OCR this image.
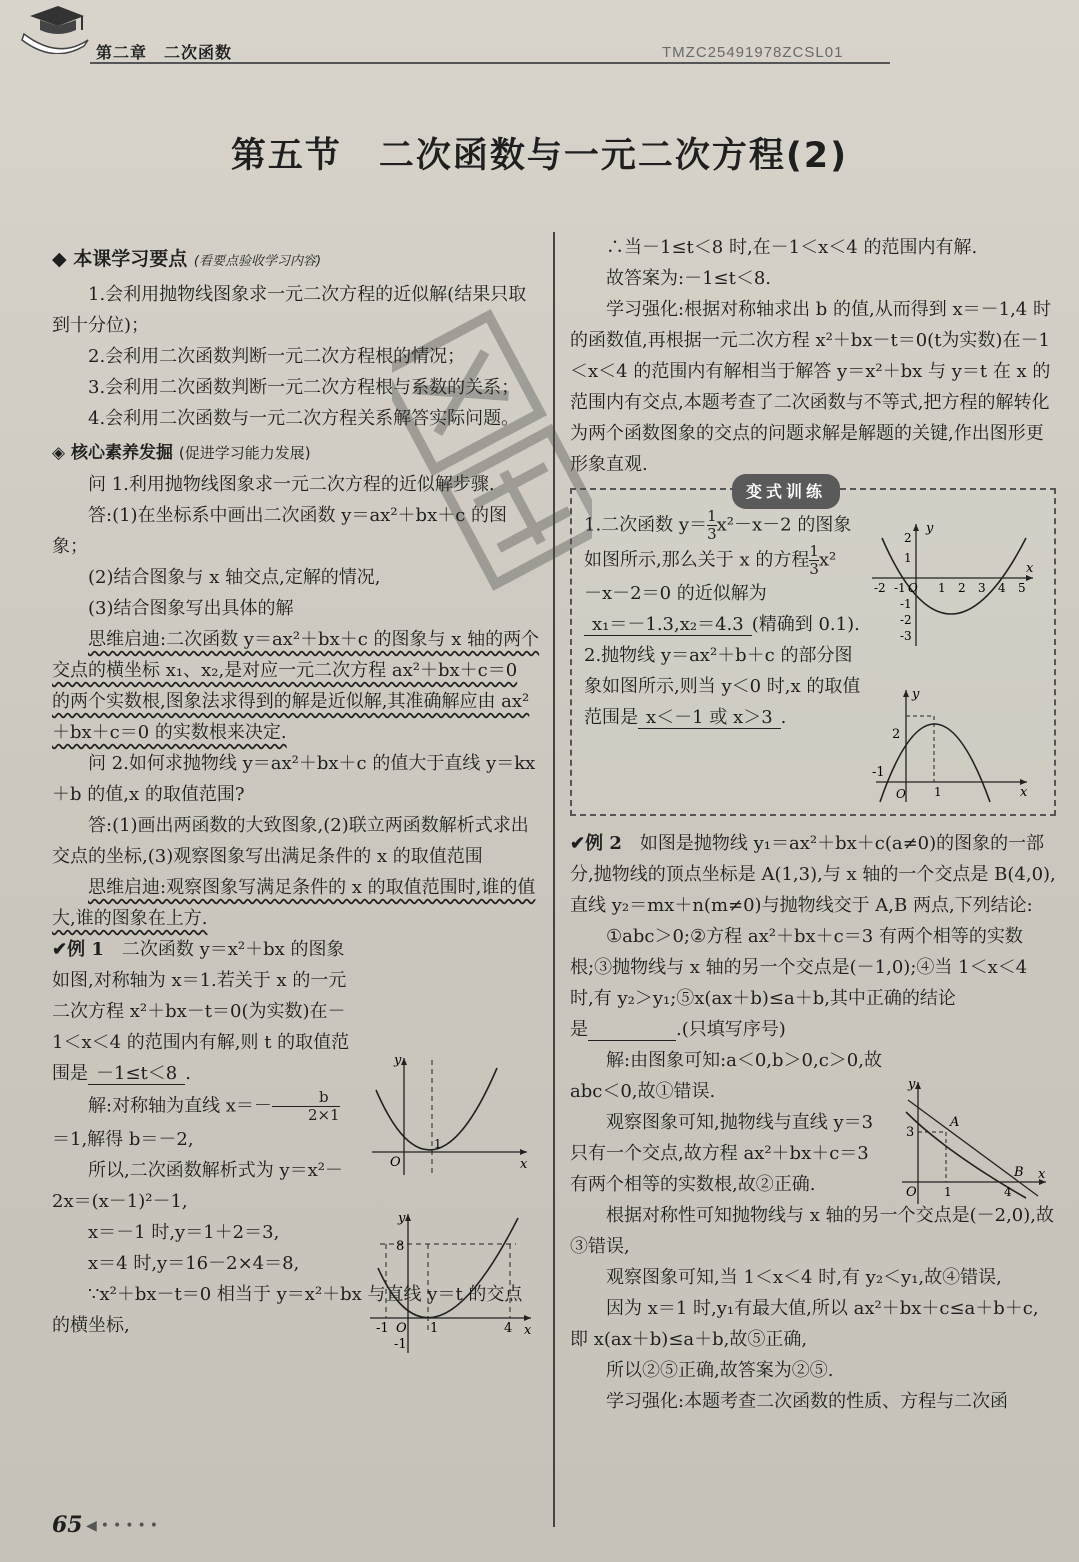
第二章　二次函数	TMZC25491978ZCSL01
第五节　二次函数与一元二次方程(2)
◆ 本课学习要点 (看要点验收学习内容)

1.会利用抛物线图象求一元二次方程的近似解(结果只取到十分位)；

2.会利用二次函数判断一元二次方程根的情况；

3.会利用二次函数判断一元二次方程根与系数的关系；

4.会利用二次函数与一元二次方程关系解答实际问题。

◈ 核心素养发掘 (促进学习能力发展)

问 1.利用抛物线图象求一元二次方程的近似解步骤.

答:(1)在坐标系中画出二次函数 y＝ax²＋bx＋c 的图象；

(2)结合图象与 x 轴交点,定解的情况,

(3)结合图象写出具体的解

思维启迪:二次函数 y＝ax²＋bx＋c 的图象与 x 轴的两个交点的横坐标 x₁、x₂,是对应一元二次方程 ax²＋bx＋c＝0 的两个实数根,图象法求得到的解是近似解,其准确解应由 ax²＋bx＋c＝0 的实数根来决定.

问 2.如何求抛物线 y＝ax²＋bx＋c 的值大于直线 y＝kx＋b 的值,x 的取值范围?

答:(1)画出两函数的大致图象,(2)联立两函数解析式求出交点的坐标,(3)观察图象写出满足条件的 x 的取值范围

思维启迪:观察图象写满足条件的 x 的取值范围时,谁的值大,谁的图象在上方.

✔例 1　 二次函数 y＝x²＋bx 的图象如图,对称轴为 x＝1.若关于 x 的一元二次方程 x²＋bx－t＝0(为实数)在－1＜x＜4 的范围内有解,则 t 的取值范围是 －1≤t＜8 .

解:对称轴为直线 $x=- \frac{b}{2\times 1}$

＝1,解得 b＝－2,

所以,二次函数解析式为 y＝x²－2x＝(x－1)²－1,

x＝－1 时,y＝1＋2＝3,

x＝4 时,y＝16－2×4＝8,

∵x²＋bx－t＝0 相当于 y＝x²＋bx 与直线 y＝t 的交点的横坐标,

y
x
O
1
y
x
8
-1 O 1	4
-1

∴当－1≤t＜8 时,在－1＜x＜4 的范围内有解.

故答案为:－1≤t＜8.

学习强化:根据对称轴求出 b 的值,从而得到 x＝－1,4 时的函数值,再根据一元二次方程 x²＋bx－t＝0(t为实数)在－1＜x＜4 的范围内有解相当于解答 y＝x²＋bx 与 y＝t 在 x 的范围内有交点,本题考查了二次函数与不等式,把方程的解转化为两个函数图象的交点的问题求解是解题的关键,作出图形更形象直观.

变式训练

1.二次函数 $y= \frac{1}{3} x^2-x-2$ 的图象如图所示,那么关于 x 的方程 $\frac{1}{3} x^2-x-2=0$ 的近似解为

x₁＝－1.3,x₂＝4.3 (精确到 0.1).

2.抛物线 y＝ax²＋b＋c 的部分图象如图所示,则当 y＜0 时,x 的取值范围是 x＜－1 或 x＞3 .

✔例 2　 如图是抛物线 y₁＝ax²＋bx＋c(a≠0)的图象的一部分,抛物线的顶点坐标是 A(1,3),与 x 轴的一个交点是 B(4,0),直线 y₂＝mx＋n(m≠0)与抛物线交于 A,B 两点,下列结论:

①abc＞0;②方程 ax²＋bx＋c＝3 有两个相等的实数根;③抛物线与 x 轴的另一个交点是(－1,0);④当 1＜x＜4 时,有 y₂＞y₁;⑤x(ax＋b)≤a＋b,其中正确的结论是　　　　	.(只填写序号)

解:由图象可知:a＜0,b＞0,c＞0,故 abc＜0,故①错误.

观察图象可知,抛物线与直线 y＝3 只有一个交点,故方程 ax²＋bx＋c＝3 有两个相等的实数根,故②正确.

根据对称性可知抛物线与 x 轴的另一个交点是(－2,0),故③错误,

观察图象可知,当 1＜x＜4 时,有 y₂＜y₁,故④错误,

因为 x＝1 时,y₁有最大值,所以 ax²＋bx＋c≤a＋b＋c,即 x(ax＋b)≤a＋b,故⑤正确,

所以②⑤正确,故答案为②⑤.

学习强化:本题考查二次函数的性质、方程与二次函

y
x
-2 -1 O 1 2 3 4 5
2
1
-1
-2
-3
y
x
2
-1
O 1
y
x
3
O 1	4
A
B
65 ◀•••••
